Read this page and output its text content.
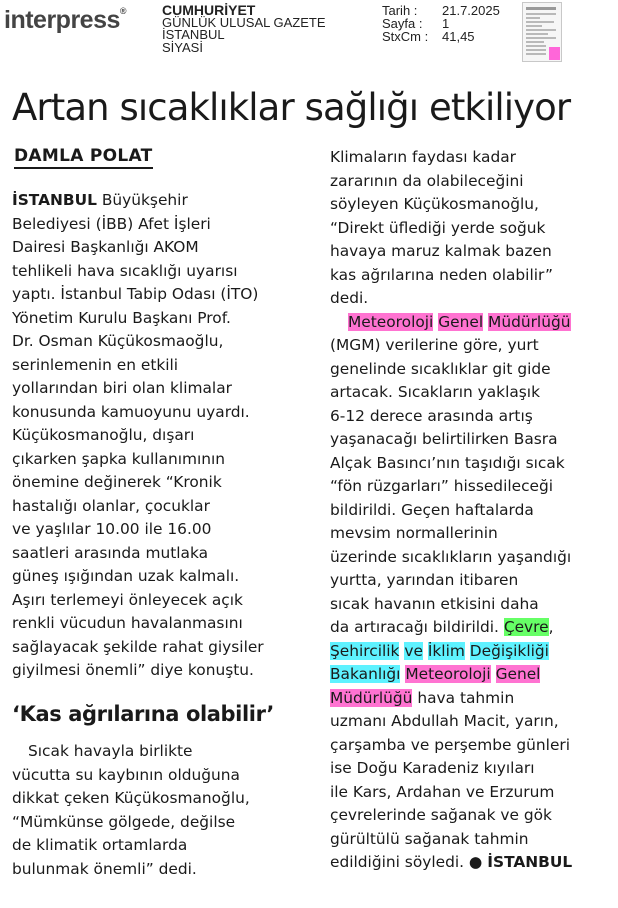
interpress®	CUMHURİYET
GÜNLÜK ULUSAL GAZETE
İSTANBUL
SİYASİ
Tarih :	21.7.2025
Sayfa :	1
StxCm :	41,45
Artan sıcaklıklar sağlığı etkiliyor
DAMLA POLAT
İSTANBUL Büyükşehir
Belediyesi (İBB) Afet İşleri
Dairesi Başkanlığı AKOM
tehlikeli hava sıcaklığı uyarısı
yaptı. İstanbul Tabip Odası (İTO)
Yönetim Kurulu Başkanı Prof.
Dr. Osman Küçükosmaoğlu,
serinlemenin en etkili
yollarından biri olan klimalar
konusunda kamuoyunu uyardı.
Küçükosmanoğlu, dışarı
çıkarken şapka kullanımının
önemine değinerek “Kronik
hastalığı olanlar, çocuklar
ve yaşlılar 10.00 ile 16.00
saatleri arasında mutlaka
güneş ışığından uzak kalmalı.
Aşırı terlemeyi önleyecek açık
renkli vücudun havalanmasını
sağlayacak şekilde rahat giysiler
giyilmesi önemli” diye konuştu.
‘Kas ağrılarına olabilir’
Sıcak havayla birlikte
vücutta su kaybının olduğuna
dikkat çeken Küçükosmanoğlu,
“Mümkünse gölgede, değilse
de klimatik ortamlarda
bulunmak önemli” dedi.
Klimaların faydası kadar
zararının da olabileceğini
söyleyen Küçükosmanoğlu,
“Direkt üflediği yerde soğuk
havaya maruz kalmak bazen
kas ağrılarına neden olabilir”
dedi.
Meteoroloji Genel Müdürlüğü
(MGM) verilerine göre, yurt
genelinde sıcaklıklar git gide
artacak. Sıcakların yaklaşık
6-12 derece arasında artış
yaşanacağı belirtilirken Basra
Alçak Basıncı’nın taşıdığı sıcak
“fön rüzgarları” hissedileceği
bildirildi. Geçen haftalarda
mevsim normallerinin
üzerinde sıcaklıkların yaşandığı
yurtta, yarından itibaren
sıcak havanın etkisini daha
da artıracağı bildirildi. Çevre,
Şehircilik ve İklim Değişikliği
Bakanlığı Meteoroloji Genel
Müdürlüğü hava tahmin
uzmanı Abdullah Macit, yarın,
çarşamba ve perşembe günleri
ise Doğu Karadeniz kıyıları
ile Kars, Ardahan ve Erzurum
çevrelerinde sağanak ve gök
gürültülü sağanak tahmin
edildiğini söyledi. ● İSTANBUL
